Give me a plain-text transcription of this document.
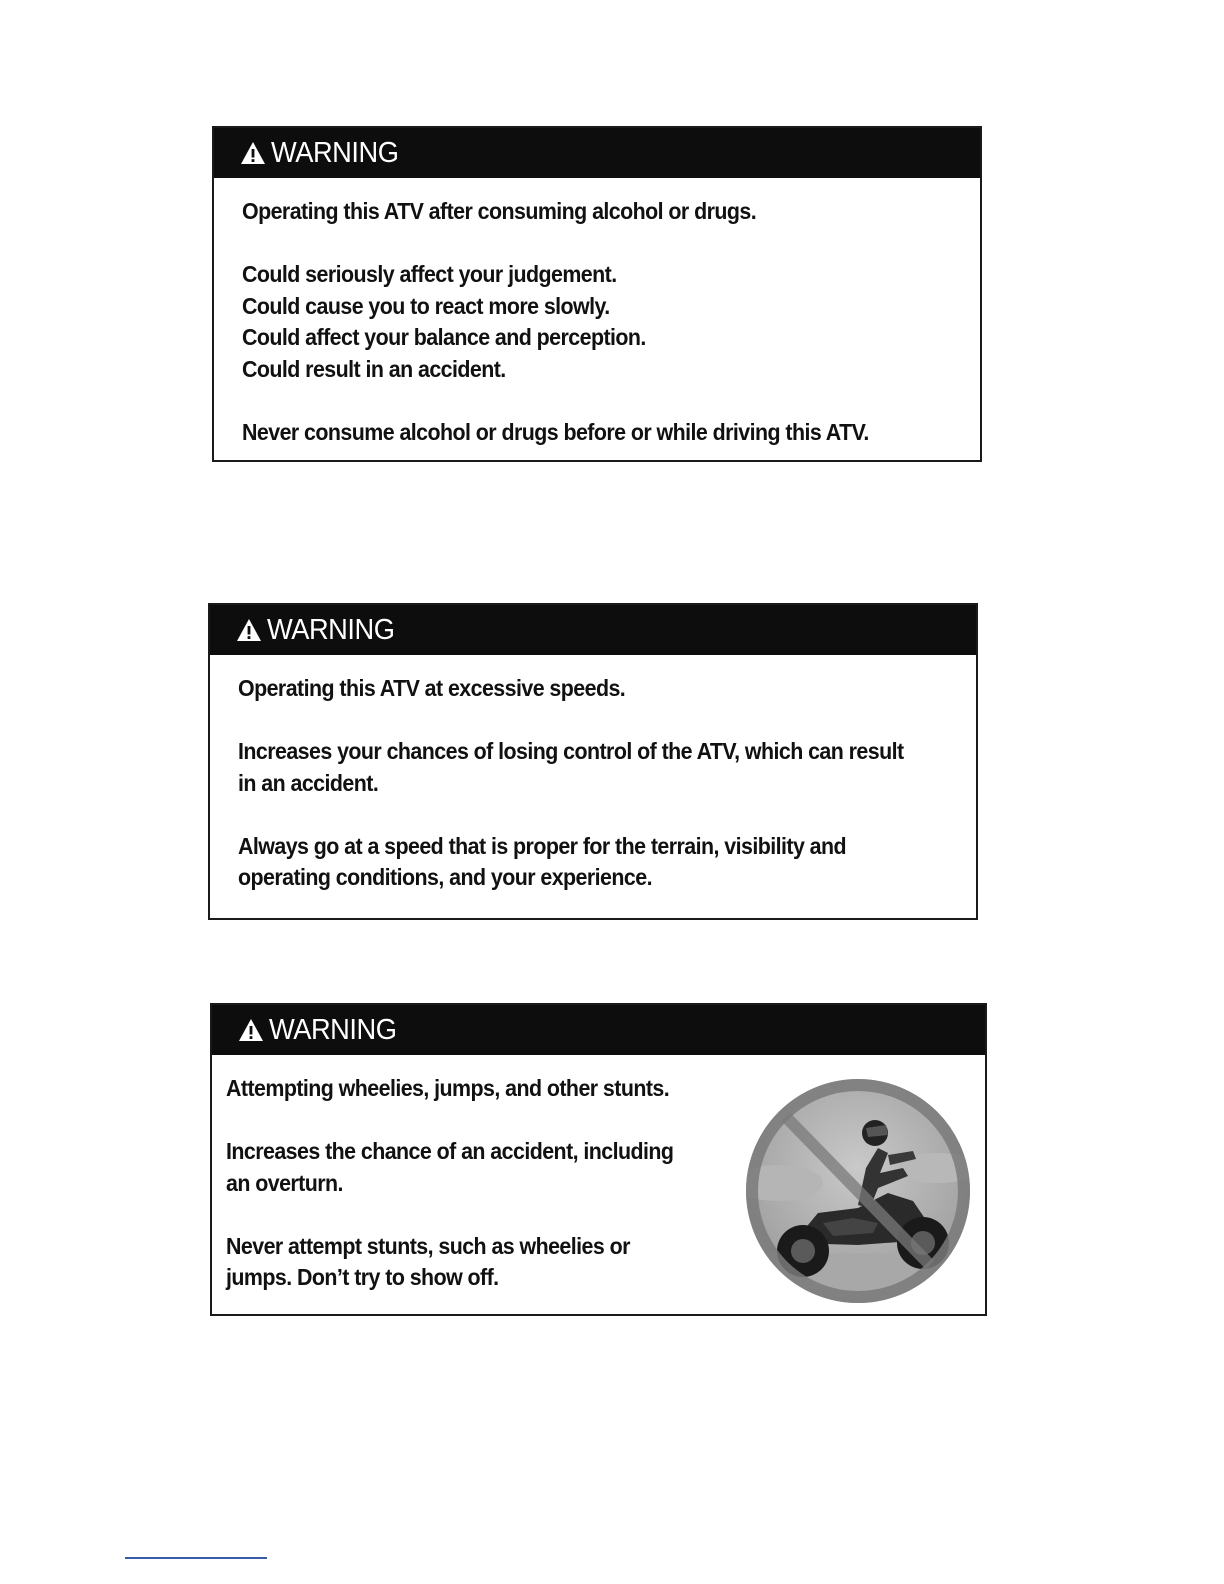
WARNING

Operating this ATV after consuming alcohol or drugs.

Could seriously affect your judgement.
Could cause you to react more slowly.
Could affect your balance and perception.
Could result in an accident.

Never consume alcohol or drugs before or while driving this ATV.

WARNING

Operating this ATV at excessive speeds.

Increases your chances of losing control of the ATV, which can result
in an accident.

Always go at a speed that is proper for the terrain, visibility and
operating conditions, and your experience.

WARNING

Attempting wheelies, jumps, and other stunts.

Increases the chance of an accident, including
an overturn.

Never attempt stunts, such as wheelies or
jumps. Don’t try to show off.
